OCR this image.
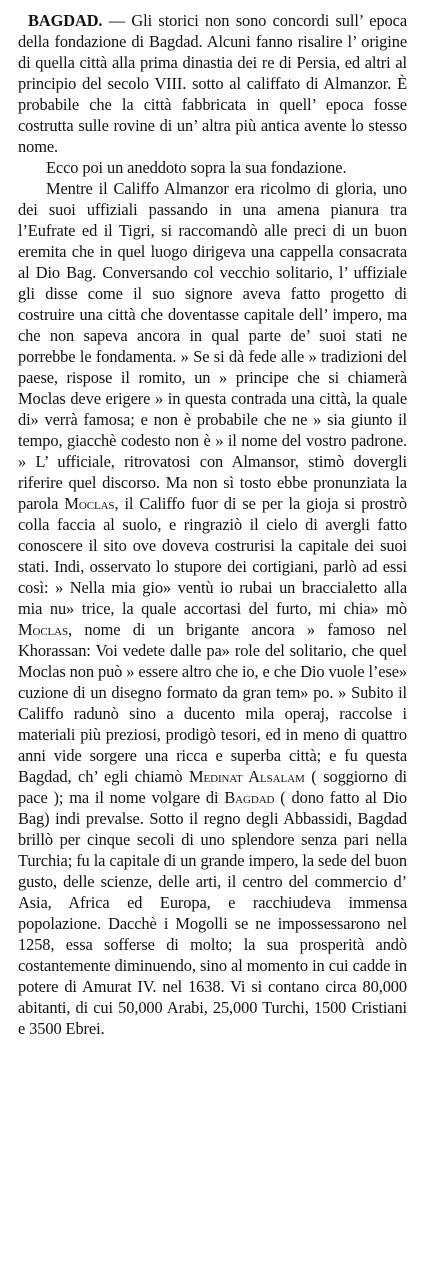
BAGDAD. — Gli storici non sono concordi sull’ epoca della fondazione di Bagdad. Alcuni fanno risalire l’ origine di quella città alla prima dinastia dei re di Persia, ed altri al principio del secolo VIII. sotto al califfato di Almanzor. È probabile che la città fabbricata in quell’ epoca fosse costrutta sulle rovine di un’ altra più antica avente lo stesso nome.

Ecco poi un aneddoto sopra la sua fondazione.

Mentre il Califfo Almanzor era ricolmo di gloria, uno dei suoi uffiziali passando in una amena pianura tra l’Eufrate ed il Tigri, si raccomandò alle preci di un buon eremita che in quel luogo dirigeva una cappella consacrata al Dio Bag. Conversando col vecchio solitario, l’ uffiziale gli disse come il suo signore aveva fatto progetto di costruire una città che doventasse capitale dell’ impero, ma che non sapeva ancora in qual parte de’ suoi stati ne porrebbe le fondamenta. » Se si dà fede alle » tradizioni del paese, rispose il romito, un » principe che si chiamerà Moclas deve erigere » in questa contrada una città, la quale di» verrà famosa; e non è probabile che ne » sia giunto il tempo, giacchè codesto non è » il nome del vostro padrone. » L’ ufficiale, ritrovatosi con Almansor, stimò dovergli riferire quel discorso. Ma non sì tosto ebbe pronunziata la parola Moclas, il Califfo fuor di se per la gioja si prostrò colla faccia al suolo, e ringraziò il cielo di avergli fatto conoscere il sito ove doveva costrurisi la capitale dei suoi stati. Indi, osservato lo stupore dei cortigiani, parlò ad essi così: » Nella mia gio» ventù io rubai un braccialetto alla mia nu» trice, la quale accortasi del furto, mi chia» mò Moclas, nome di un brigante ancora » famoso nel Khorassan: Voi vedete dalle pa» role del solitario, che quel Moclas non può » essere altro che io, e che Dio vuole l’ese» cuzione di un disegno formato da gran tem» po. » Subito il Califfo radunò sino a ducento mila operaj, raccolse i materiali più preziosi, prodigò tesori, ed in meno di quattro anni vide sorgere una ricca e superba città; e fu questa Bagdad, ch’ egli chiamò Medinat Alsalam ( soggiorno di pace ); ma il nome volgare di Bagdad ( dono fatto al Dio Bag) indi prevalse. Sotto il regno degli Abbassidi, Bagdad brillò per cinque secoli di uno splendore senza pari nella Turchia; fu la capitale di un grande impero, la sede del buon gusto, delle scienze, delle arti, il centro del commercio d’ Asia, Africa ed Europa, e racchiudeva immensa popolazione. Dacchè i Mogolli se ne impossessarono nel 1258, essa sofferse di molto; la sua prosperità andò costantemente diminuendo, sino al momento in cui cadde in potere di Amurat IV. nel 1638. Vi si contano circa 80,000 abitanti, di cui 50,000 Arabi, 25,000 Turchi, 1500 Cristiani e 3500 Ebrei.
